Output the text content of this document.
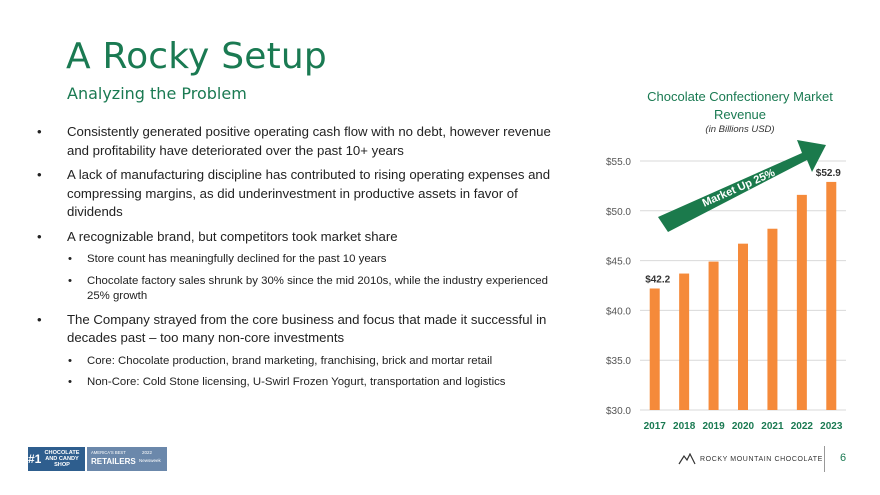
A Rocky Setup
Analyzing the Problem
• Consistently generated positive operating cash flow with no debt, however revenue and profitability have deteriorated over the past 10+ years
• A lack of manufacturing discipline has contributed to rising operating expenses and compressing margins, as did underinvestment in productive assets in favor of dividends
• A recognizable brand, but competitors took market share
• Store count has meaningfully declined for the past 10 years
• Chocolate factory sales shrunk by 30% since the mid 2010s, while the industry experienced 25% growth
• The Company strayed from the core business and focus that made it successful in decades past – too many non-core investments
• Core: Chocolate production, brand marketing, franchising, brick and mortar retail
• Non-Core: Cold Stone licensing, U-Swirl Frozen Yogurt, transportation and logistics
Chocolate Confectionery Market Revenue
(in Billions USD)
$30.0
$35.0
$40.0
$45.0
$50.0
$55.0
2017
$42.2
2018 2019 2020 2021 2022 2023
$52.9
Market Up 25%
#1 CHOCOLATE AND CANDY SHOP
AMERICA'S BEST
RETAILERS
2022
Newsweek	ROCKY MOUNTAIN CHOCOLATE 6
